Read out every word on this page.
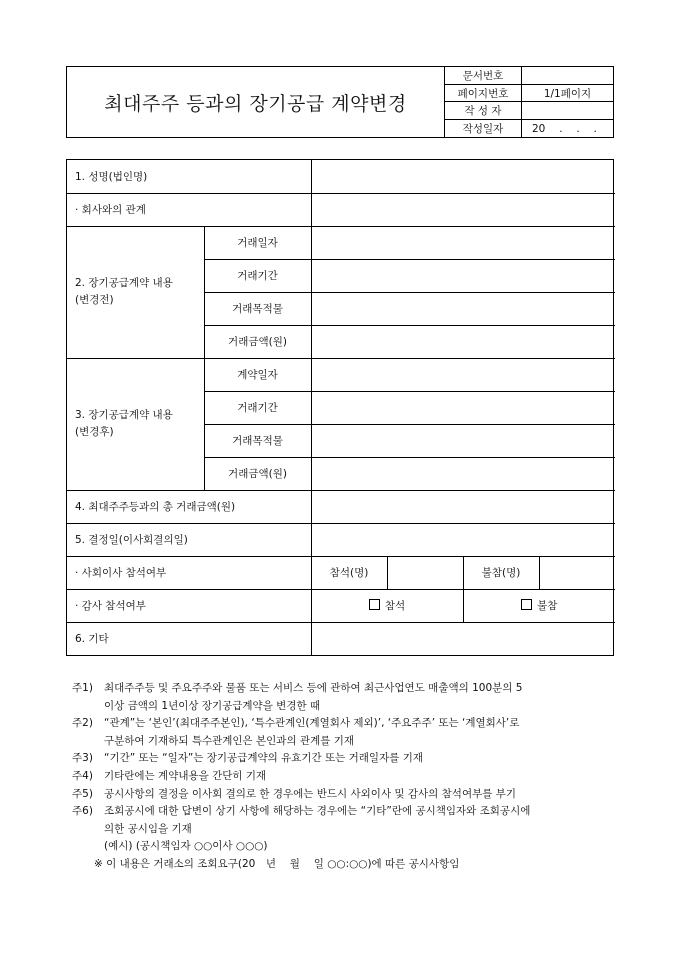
최대주주 등과의 장기공급 계약변경
문서번호	
페이지번호	1/1페이지
작 성 자	
작성일자	20　 .　 .　 .
1. 성명(법인명)					
· 회사와의 관계					

2. 장기공급계약 내용
(변경전)	거래일자				
	거래기간				
	거래목적물				
	거래금액(원)				

3. 장기공급계약 내용
(변경후)	계약일자				
	거래기간				
	거래목적물				
	거래금액(원)				
4. 최대주주등과의 총 거래금액(원)					
5. 결정일(이사회결의일)					
· 사회이사 참석여부		참석(명)		불참(명)	
· 감사 참석여부		참석		불참	
6. 기타					
주1) 최대주주등 및 주요주주와 물품 또는 서비스 등에 관하여 최근사업연도 매출액의 100분의 5
이상 금액의 1년이상 장기공급계약을 변경한 때
주2) “관계”는 ‘본인’(최대주주본인), ‘특수관계인(계열회사 제외)’, ‘주요주주’ 또는 ‘계열회사’로
구분하여 기재하되 특수관계인은 본인과의 관계를 기재
주3) “기간” 또는 “일자”는 장기공급계약의 유효기간 또는 거래일자를 기재
주4) 기타란에는 계약내용을 간단히 기재
주5) 공시사항의 결정을 이사회 결의로 한 경우에는 반드시 사외이사 및 감사의 참석여부를 부기
주6) 조회공시에 대한 답변이 상기 사항에 해당하는 경우에는 “기타”란에 공시책임자와 조회공시에
의한 공시임을 기재
(예시) (공시책임자 ○○이사 ○○○)
※ 이 내용은 거래소의 조회요구(20　년　 월　 일 ○○:○○)에 따른 공시사항임
